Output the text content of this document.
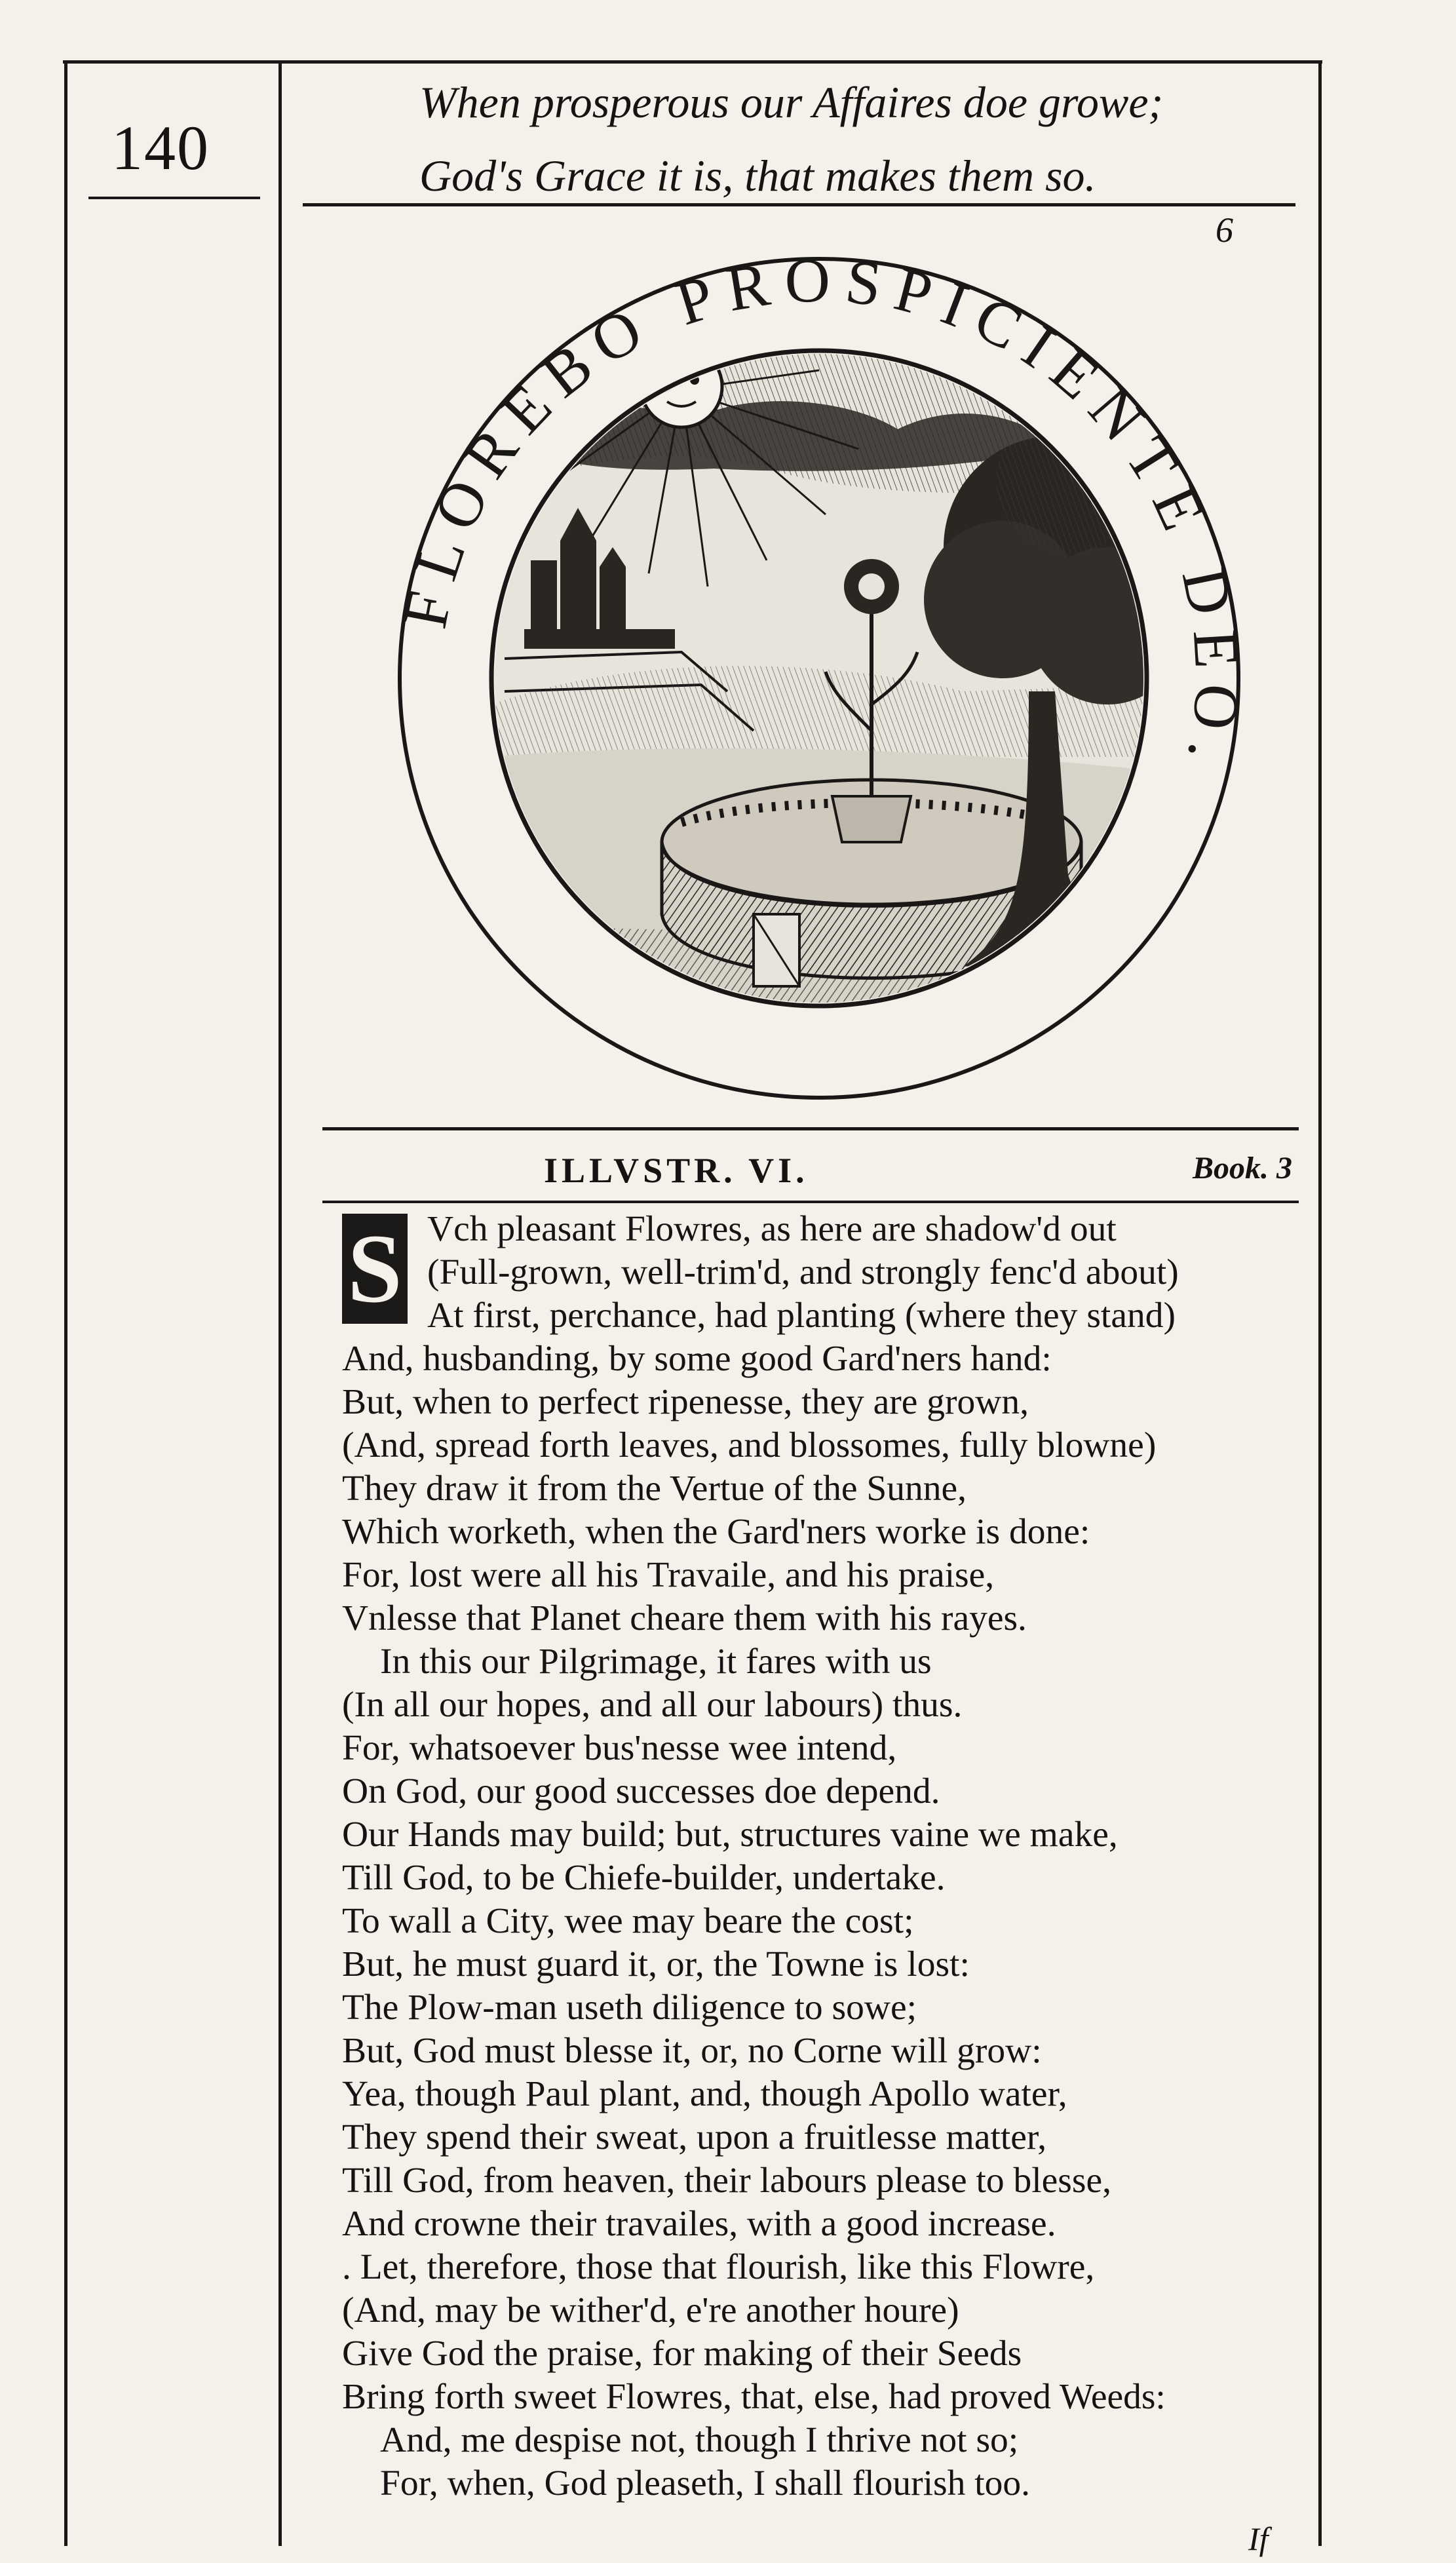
140
When prosperous our Affaires doe growe;
God's Grace it is, that makes them so.
6
FLOREBO PROSPICIENTE DEO.
ILLVSTR. VI.	Book. 3
S Vch pleasant Flowres, as here are shadow'd out
(Full-grown, well-trim'd, and strongly fenc'd about)
At first, perchance, had planting (where they stand)
And, husbanding, by some good Gard'ners hand:
But, when to perfect ripenesse, they are grown,
(And, spread forth leaves, and blossomes, fully blowne)
They draw it from the Vertue of the Sunne,
Which worketh, when the Gard'ners worke is done:
For, lost were all his Travaile, and his praise,
Vnlesse that Planet cheare them with his rayes.
In this our Pilgrimage, it fares with us
(In all our hopes, and all our labours) thus.
For, whatsoever bus'nesse wee intend,
On God, our good successes doe depend.
Our Hands may build; but, structures vaine we make,
Till God, to be Chiefe-builder, undertake.
To wall a City, wee may beare the cost;
But, he must guard it, or, the Towne is lost:
The Plow-man useth diligence to sowe;
But, God must blesse it, or, no Corne will grow:
Yea, though Paul plant, and, though Apollo water,
They spend their sweat, upon a fruitlesse matter,
Till God, from heaven, their labours please to blesse,
And crowne their travailes, with a good increase.
. Let, therefore, those that flourish, like this Flowre,
(And, may be wither'd, e're another houre)
Give God the praise, for making of their Seeds
Bring forth sweet Flowres, that, else, had proved Weeds:
And, me despise not, though I thrive not so;
For, when, God pleaseth, I shall flourish too.
If
